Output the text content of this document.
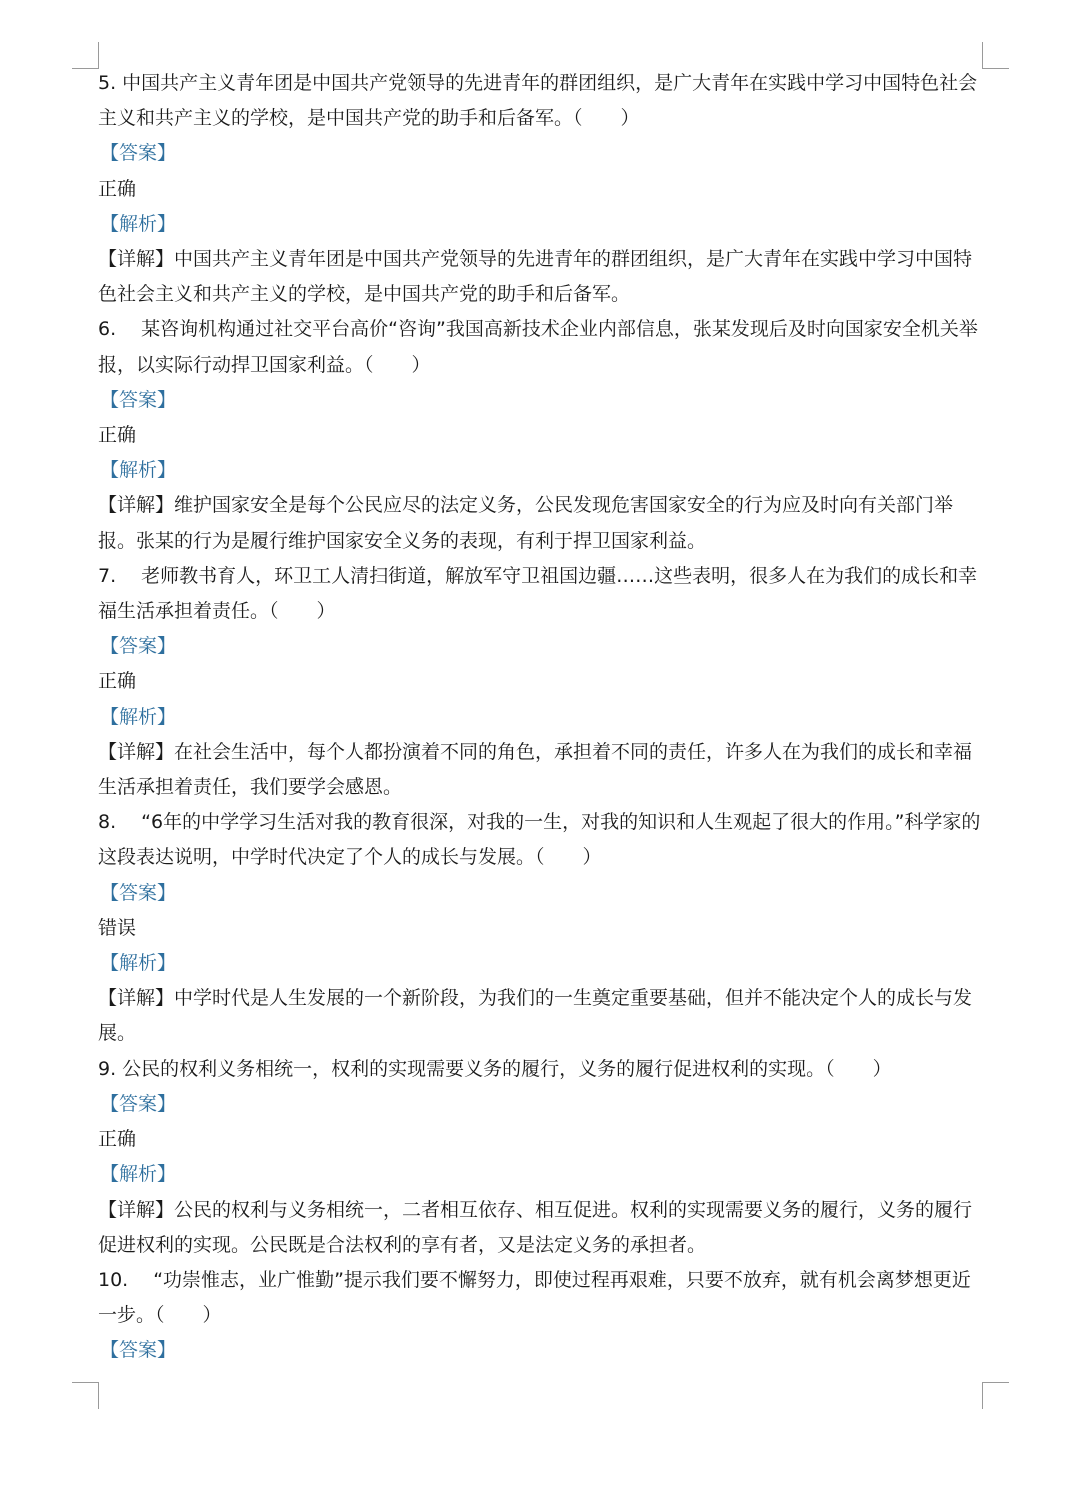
5. 中国共产主义青年团是中国共产党领导的先进青年的群团组织，是广大青年在实践中学习中国特色社会主义和共产主义的学校，是中国共产党的助手和后备军。（　　）

【答案】

正确

【解析】

【详解】中国共产主义青年团是中国共产党领导的先进青年的群团组织，是广大青年在实践中学习中国特色社会主义和共产主义的学校，是中国共产党的助手和后备军。

6.　某咨询机构通过社交平台高价“咨询”我国高新技术企业内部信息，张某发现后及时向国家安全机关举报，以实际行动捍卫国家利益。（　　）

【答案】

正确

【解析】

【详解】维护国家安全是每个公民应尽的法定义务，公民发现危害国家安全的行为应及时向有关部门举报。张某的行为是履行维护国家安全义务的表现，有利于捍卫国家利益。

7.　老师教书育人，环卫工人清扫街道，解放军守卫祖国边疆……这些表明，很多人在为我们的成长和幸福生活承担着责任。（　　）

【答案】

正确

【解析】

【详解】在社会生活中，每个人都扮演着不同的角色，承担着不同的责任，许多人在为我们的成长和幸福生活承担着责任，我们要学会感恩。

8.　“6年的中学学习生活对我的教育很深，对我的一生，对我的知识和人生观起了很大的作用。”科学家的这段表达说明，中学时代决定了个人的成长与发展。（　　）

【答案】

错误

【解析】

【详解】中学时代是人生发展的一个新阶段，为我们的一生奠定重要基础，但并不能决定个人的成长与发展。

9. 公民的权利义务相统一，权利的实现需要义务的履行，义务的履行促进权利的实现。（　　）

【答案】

正确

【解析】

【详解】公民的权利与义务相统一，二者相互依存、相互促进。权利的实现需要义务的履行，义务的履行促进权利的实现。公民既是合法权利的享有者，又是法定义务的承担者。

10.　“功崇惟志，业广惟勤”提示我们要不懈努力，即使过程再艰难，只要不放弃，就有机会离梦想更近一步。（　　）

【答案】
